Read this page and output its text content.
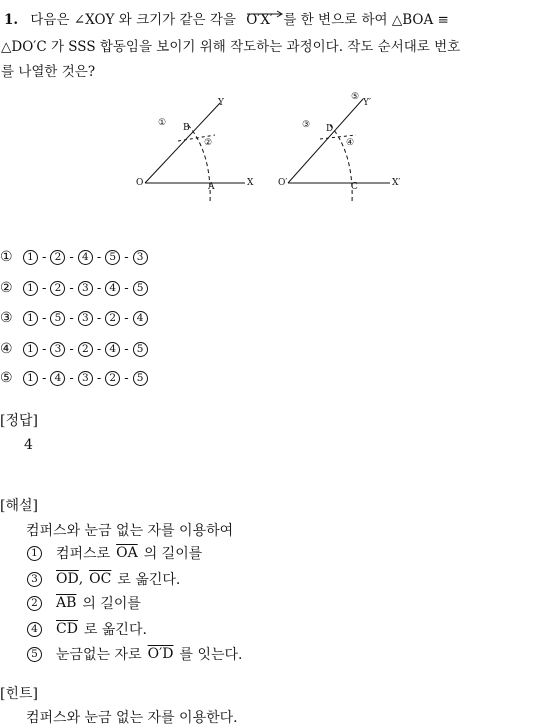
1. 다음은 ∠XOY 와 크기가 같은 각을 O′X′ 를 한 변으로 하여 △BOA ≡
△DO′C 가 SSS 합동임을 보이기 위해 작도하는 과정이다. 작도 순서대로 번호
를 나열한 것은?
O	A
B
X
Y
①
②
O′	C
D
X′
Y′
③
④
⑤
①	1 - 2 - 4 - 5 - 3
②	1 - 2 - 3 - 4 - 5
③	1 - 5 - 3 - 2 - 4
④	1 - 3 - 2 - 4 - 5
⑤	1 - 4 - 3 - 2 - 5
[정답]
4
[해설]
컴퍼스와 눈금 없는 자를 이용하여
1 컴퍼스로 $\overline{OA}$ 의 길이를
3 $\overline{OD}$ , $\overline{OC}$ 로 옮긴다.
2 $\overline{AB}$ 의 길이를
4 $\overline{CD}$ 로 옮긴다.
5 눈금없는 자로 O′D 를 잇는다.
[힌트]
컴퍼스와 눈금 없는 자를 이용한다.
